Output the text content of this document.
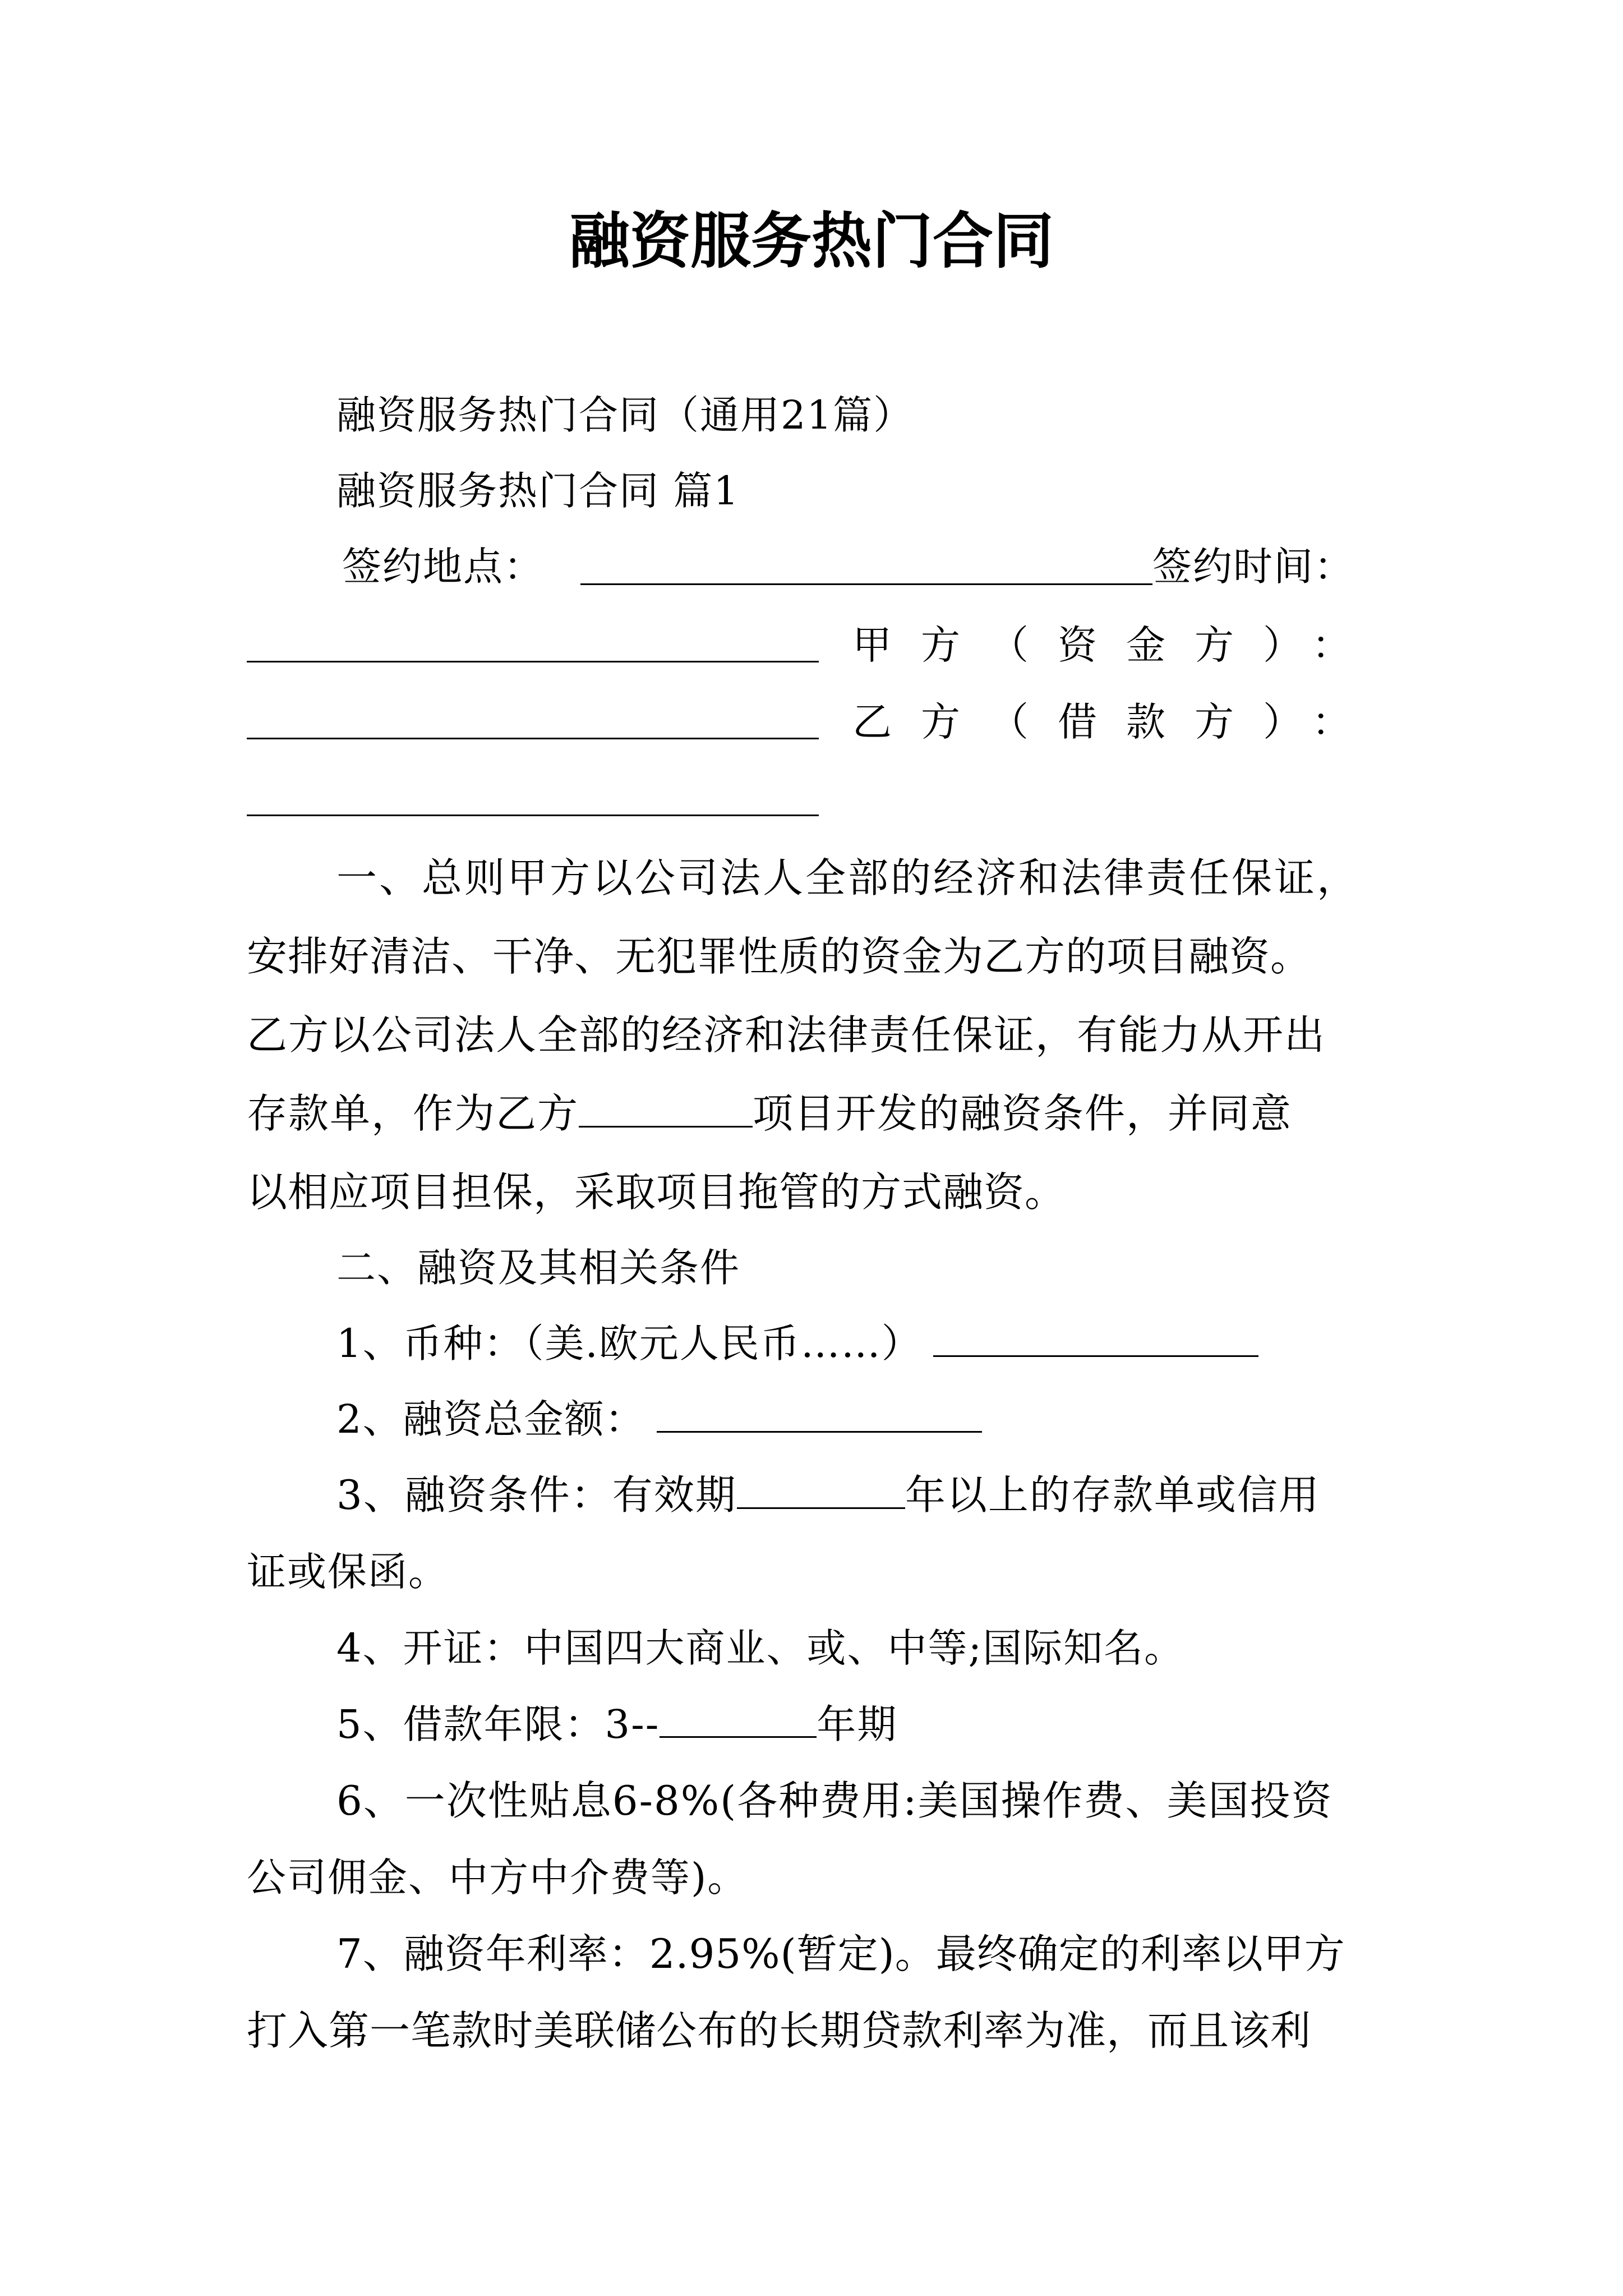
融资服务热门合同
融资服务热门合同（通用21篇）
融资服务热门合同 篇1
签约地点：	签约时间：
甲方（资金方）：
乙方（借款方）：
一、总则甲方以公司法人全部的经济和法律责任保证，
安排好清洁、干净、无犯罪性质的资金为乙方的项目融资。
乙方以公司法人全部的经济和法律责任保证，有能力从开出
存款单，作为乙方	项目开发的融资条件，并同意
以相应项目担保，采取项目拖管的方式融资。
二、融资及其相关条件
1、币种：（美.欧元人民币……）
2、融资总金额：
3、融资条件：有效期	年以上的存款单或信用
证或保函。
4、开证：中国四大商业、或、中等;国际知名。
5、借款年限：3--	年期
6、一次性贴息6-8%(各种费用:美国操作费、美国投资
公司佣金、中方中介费等)。
7、融资年利率：2.95%(暂定)。最终确定的利率以甲方
打入第一笔款时美联储公布的长期贷款利率为准，而且该利
